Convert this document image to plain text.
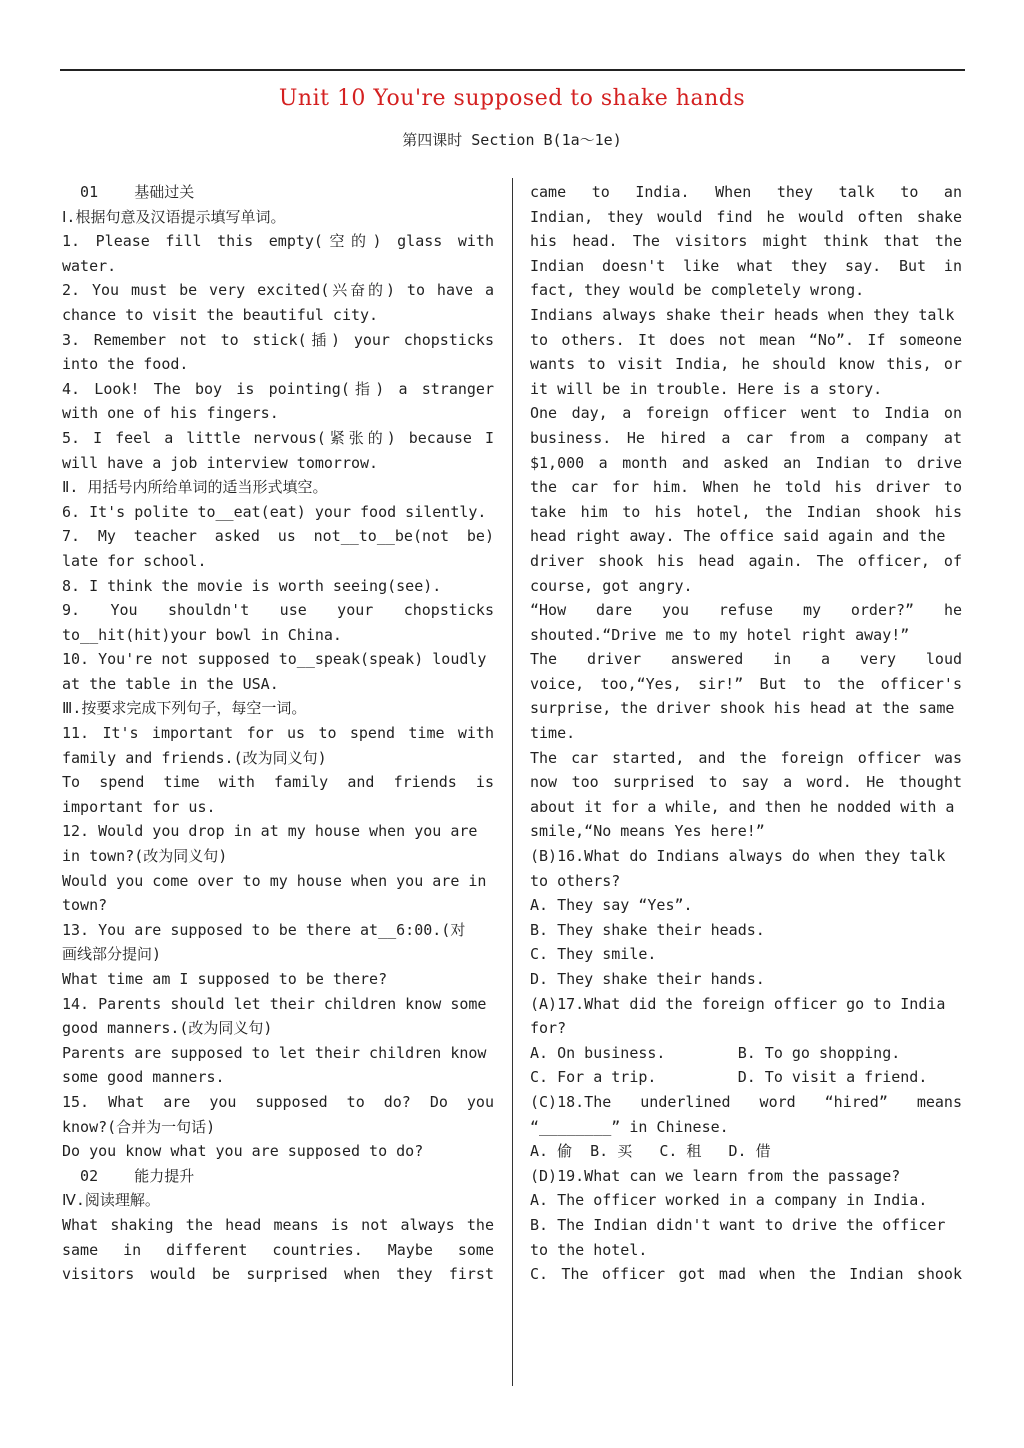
Unit 10 You're supposed to shake hands
第四课时 Section B(1a～1e)
01    基础过关
Ⅰ.根据句意及汉语提示填写单词。
1. Please fill this empty(空的) glass with
water.
2. You must be very excited(兴奋的) to have a
chance to visit the beautiful city.
3. Remember not to stick(插) your chopsticks
into the food.
4. Look! The boy is pointing(指) a stranger
with one of his fingers.
5. I feel a little nervous(紧张的) because I
will have a job interview tomorrow.
Ⅱ. 用括号内所给单词的适当形式填空。
6. It's polite to__eat(eat) your food silently.
7. My teacher asked us not__to__be(not be)
late for school.
8. I think the movie is worth seeing(see).
9. You shouldn't use your chopsticks
to__hit(hit)your bowl in China.
10. You're not supposed to__speak(speak) loudly
at the table in the USA.
Ⅲ.按要求完成下列句子，每空一词。
11. It's important for us to spend time with
family and friends.(改为同义句)
To spend time with family and friends is
important for us.
12. Would you drop in at my house when you are
in town?(改为同义句)
Would you come over to my house when you are in
town?
13. You are supposed to be there at__6:00.(对
画线部分提问)
What time am I supposed to be there?
14. Parents should let their children know some
good manners.(改为同义句)
Parents are supposed to let their children know
some good manners.
15. What are you supposed to do? Do you
know?(合并为一句话)
Do you know what you are supposed to do?
02    能力提升
Ⅳ.阅读理解。
What shaking the head means is not always the
same in different countries. Maybe some
visitors would be surprised when they first
came to India. When they talk to an
Indian, they would find he would often shake
his head. The visitors might think that the
Indian doesn't like what they say. But in
fact, they would be completely wrong.
Indians always shake their heads when they talk
to others. It does not mean “No”. If someone
wants to visit India, he should know this, or
it will be in trouble. Here is a story.
One day, a foreign officer went to India on
business. He hired a car from a company at
$1,000 a month and asked an Indian to drive
the car for him. When he told his driver to
take him to his hotel, the Indian shook his
head right away. The office said again and the
driver shook his head again. The officer, of
course, got angry.
“How dare you refuse my order?” he
shouted.“Drive me to my hotel right away!”
The driver answered in a very loud
voice, too,“Yes, sir!” But to the officer's
surprise, the driver shook his head at the same
time.
The car started, and the foreign officer was
now too surprised to say a word. He thought
about it for a while, and then he nodded with a
smile,“No means Yes here!”
(B)16.What do Indians always do when they talk
to others?
A. They say “Yes”.
B. They shake their heads.
C. They smile.
D. They shake their hands.
(A)17.What did the foreign officer go to India
for?
A. On business.        B. To go shopping.
C. For a trip.         D. To visit a friend.
(C)18.The underlined word “hired” means
“________” in Chinese.
A. 偷  B. 买   C. 租   D. 借
(D)19.What can we learn from the passage?
A. The officer worked in a company in India.
B. The Indian didn't want to drive the officer
to the hotel.
C. The officer got mad when the Indian shook
